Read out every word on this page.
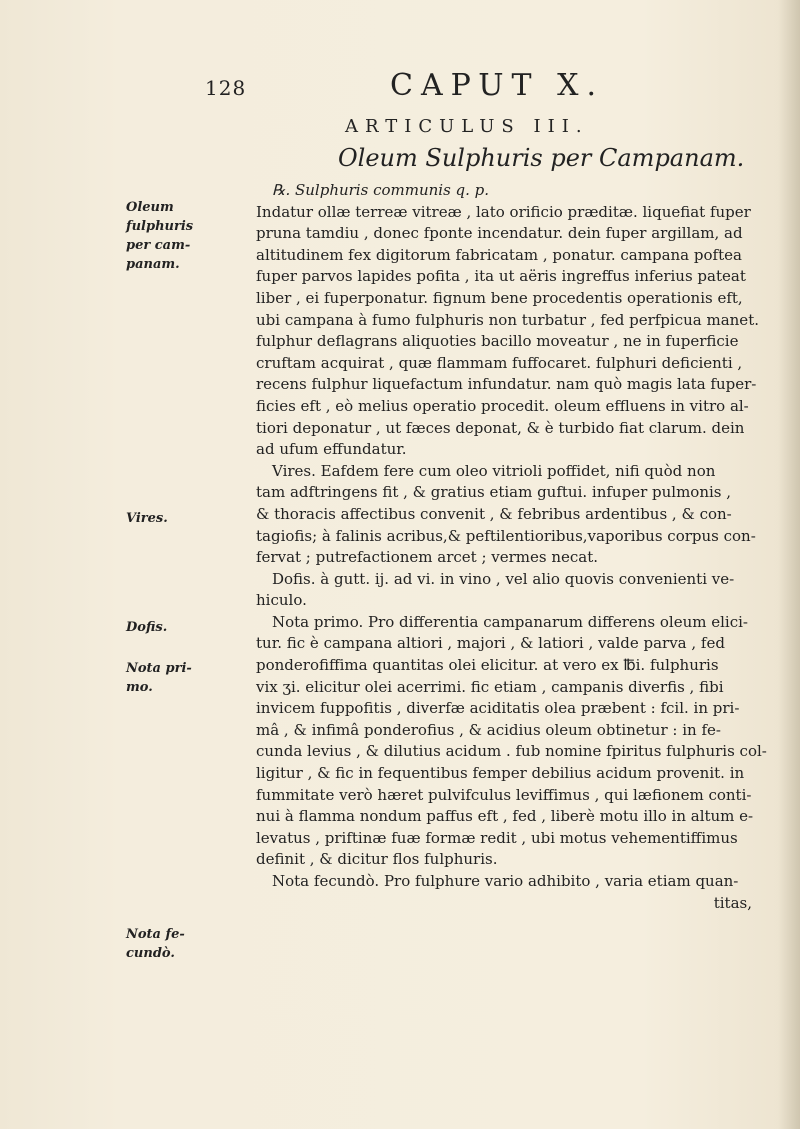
128	CAPUT X.
ARTICULUS III.
Oleum Sulphuris per Campanam.
Oleum
fulphuris
per cam-
panam.
Vires.
Dofis.
Nota pri-
mo.
Nota fe-
cundò.
℞. Sulphuris communis q. p.
Indatur ollæ terreæ vitreæ , lato orificio præditæ. liquefiat fuper
pruna tamdiu , donec fponte incendatur. dein fuper argillam, ad
altitudinem fex digitorum fabricatam , ponatur. campana poftea
fuper parvos lapides pofita , ita ut aëris ingreffus inferius pateat
liber , ei fuperponatur. fignum bene procedentis operationis eft,
ubi campana à fumo fulphuris non turbatur , fed perfpicua manet.
fulphur deflagrans aliquoties bacillo moveatur , ne in fuperficie
cruftam acquirat , quæ flammam fuffocaret. fulphuri deficienti ,
recens fulphur liquefactum infundatur. nam quò magis lata fuper-
ficies eft , eò melius operatio procedit. oleum effluens in vitro al-
tiori deponatur , ut fæces deponat, & è turbido fiat clarum. dein
ad ufum effundatur.
Vires. Eafdem fere cum oleo vitrioli poffidet, nifi quòd non
tam adftringens fit , & gratius etiam guftui. infuper pulmonis ,
& thoracis affectibus convenit , & febribus ardentibus , & con-
tagiofis; à falinis acribus,& peftilentioribus,vaporibus corpus con-
fervat ; putrefactionem arcet ; vermes necat.
Dofis. à gutt. ij. ad vi. in vino , vel alio quovis convenienti ve-
hiculo.
Nota primo. Pro differentia campanarum differens oleum elici-
tur. fic è campana altiori , majori , & latiori , valde parva , fed
ponderofiffima quantitas olei elicitur. at vero ex ℔i. fulphuris
vix ʒi. elicitur olei acerrimi. fic etiam , campanis diverfis , fibi
invicem fuppofitis , diverfæ aciditatis olea præbent : fcil. in pri-
mâ , & infimâ ponderofius , & acidius oleum obtinetur : in fe-
cunda levius , & dilutius acidum . fub nomine fpiritus fulphuris col-
ligitur , & fic in fequentibus femper debilius acidum provenit. in
fummitate verò hæret pulvifculus leviffimus , qui læfionem conti-
nui à flamma nondum paffus eft , fed , liberè motu illo in altum e-
levatus , priftinæ fuæ formæ redit , ubi motus vehementiffimus
definit , & dicitur flos fulphuris.
Nota fecundò. Pro fulphure vario adhibito , varia etiam quan-
titas,
